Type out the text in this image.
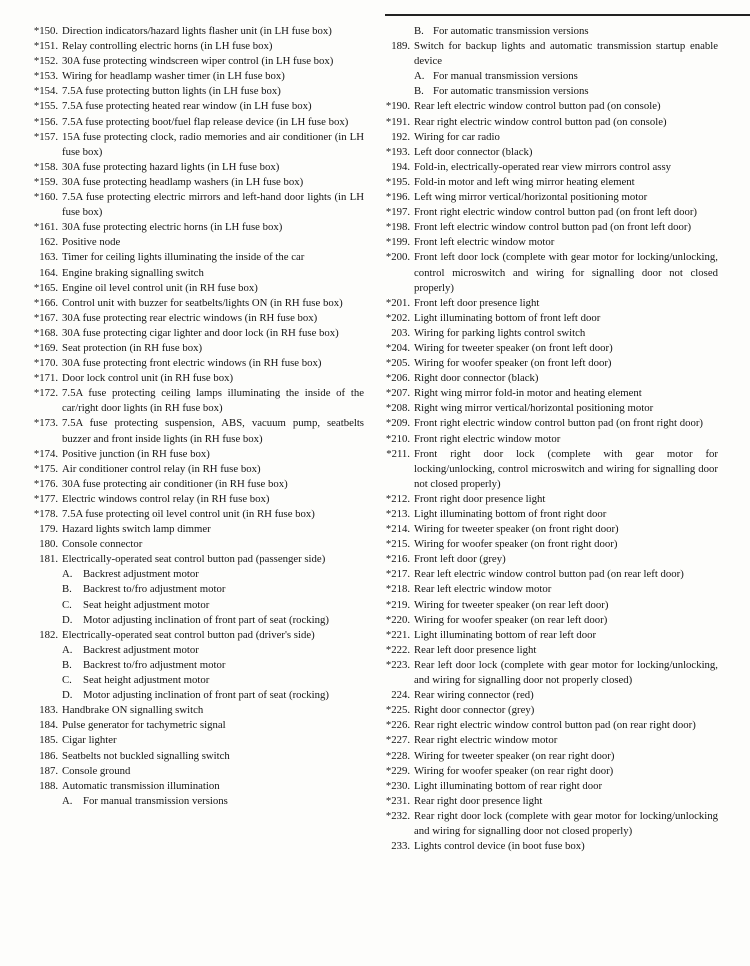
*150. Direction indicators/hazard lights flasher unit (in LH fuse box)
*151. Relay controlling electric horns (in LH fuse box)
*152. 30A fuse protecting windscreen wiper control (in LH fuse box)
*153. Wiring for headlamp washer timer (in LH fuse box)
*154. 7.5A fuse protecting button lights (in LH fuse box)
*155. 7.5A fuse protecting heated rear window (in LH fuse box)
*156. 7.5A fuse protecting boot/fuel flap release device (in LH fuse box)
*157. 15A fuse protecting clock, radio memories and air conditioner (in LH fuse box)
*158. 30A fuse protecting hazard lights (in LH fuse box)
*159. 30A fuse protecting headlamp washers (in LH fuse box)
*160. 7.5A fuse protecting electric mirrors and left-hand door lights (in LH fuse box)
*161. 30A fuse protecting electric horns (in LH fuse box)
162. Positive node
163. Timer for ceiling lights illuminating the inside of the car
164. Engine braking signalling switch
*165. Engine oil level control unit (in RH fuse box)
*166. Control unit with buzzer for seatbelts/lights ON (in RH fuse box)
*167. 30A fuse protecting rear electric windows (in RH fuse box)
*168. 30A fuse protecting cigar lighter and door lock (in RH fuse box)
*169. Seat protection (in RH fuse box)
*170. 30A fuse protecting front electric windows (in RH fuse box)
*171. Door lock control unit (in RH fuse box)
*172. 7.5A fuse protecting ceiling lamps illuminating the inside of the car/right door lights (in RH fuse box)
*173. 7.5A fuse protecting suspension, ABS, vacuum pump, seatbelts buzzer and front inside lights (in RH fuse box)
*174. Positive junction (in RH fuse box)
*175. Air conditioner control relay (in RH fuse box)
*176. 30A fuse protecting air conditioner (in RH fuse box)
*177. Electric windows control relay (in RH fuse box)
*178. 7.5A fuse protecting oil level control unit (in RH fuse box)
179. Hazard lights switch lamp dimmer
180. Console connector
181. Electrically-operated seat control button pad (passenger side)
A. Backrest adjustment motor
B. Backrest to/fro adjustment motor
C. Seat height adjustment motor
D. Motor adjusting inclination of front part of seat (rocking)
182. Electrically-operated seat control button pad (driver's side)
A. Backrest adjustment motor
B. Backrest to/fro adjustment motor
C. Seat height adjustment motor
D. Motor adjusting inclination of front part of seat (rocking)
183. Handbrake ON signalling switch
184. Pulse generator for tachymetric signal
185. Cigar lighter
186. Seatbelts not buckled signalling switch
187. Console ground
188. Automatic transmission illumination
A. For manual transmission versions
B. For automatic transmission versions
189. Switch for backup lights and automatic transmission startup enable device
A. For manual transmission versions
B. For automatic transmission versions
*190. Rear left electric window control button pad (on console)
*191. Rear right electric window control button pad (on console)
192. Wiring for car radio
*193. Left door connector (black)
194. Fold-in, electrically-operated rear view mirrors control assy
*195. Fold-in motor and left wing mirror heating element
*196. Left wing mirror vertical/horizontal positioning motor
*197. Front right electric window control button pad (on front left door)
*198. Front left electric window control button pad (on front left door)
*199. Front left electric window motor
*200. Front left door lock (complete with gear motor for locking/unlocking, control microswitch and wiring for signalling door not closed properly)
*201. Front left door presence light
*202. Light illuminating bottom of front left door
203. Wiring for parking lights control switch
*204. Wiring for tweeter speaker (on front left door)
*205. Wiring for woofer speaker (on front left door)
*206. Right door connector (black)
*207. Right wing mirror fold-in motor and heating element
*208. Right wing mirror vertical/horizontal positioning motor
*209. Front right electric window control button pad (on front right door)
*210. Front right electric window motor
*211. Front right door lock (complete with gear motor for locking/unlocking, control microswitch and wiring for signalling door not closed properly)
*212. Front right door presence light
*213. Light illuminating bottom of front right door
*214. Wiring for tweeter speaker (on front right door)
*215. Wiring for woofer speaker (on front right door)
*216. Front left door (grey)
*217. Rear left electric window control button pad (on rear left door)
*218. Rear left electric window motor
*219. Wiring for tweeter speaker (on rear left door)
*220. Wiring for woofer speaker (on rear left door)
*221. Light illuminating bottom of rear left door
*222. Rear left door presence light
*223. Rear left door lock (complete with gear motor for locking/unlocking, and wiring for signalling door not properly closed)
224. Rear wiring connector (red)
*225. Right door connector (grey)
*226. Rear right electric window control button pad (on rear right door)
*227. Rear right electric window motor
*228. Wiring for tweeter speaker (on rear right door)
*229. Wiring for woofer speaker (on rear right door)
*230. Light illuminating bottom of rear right door
*231. Rear right door presence light
*232. Rear right door lock (complete with gear motor for locking/unlocking and wiring for signalling door not closed properly)
233. Lights control device (in boot fuse box)
